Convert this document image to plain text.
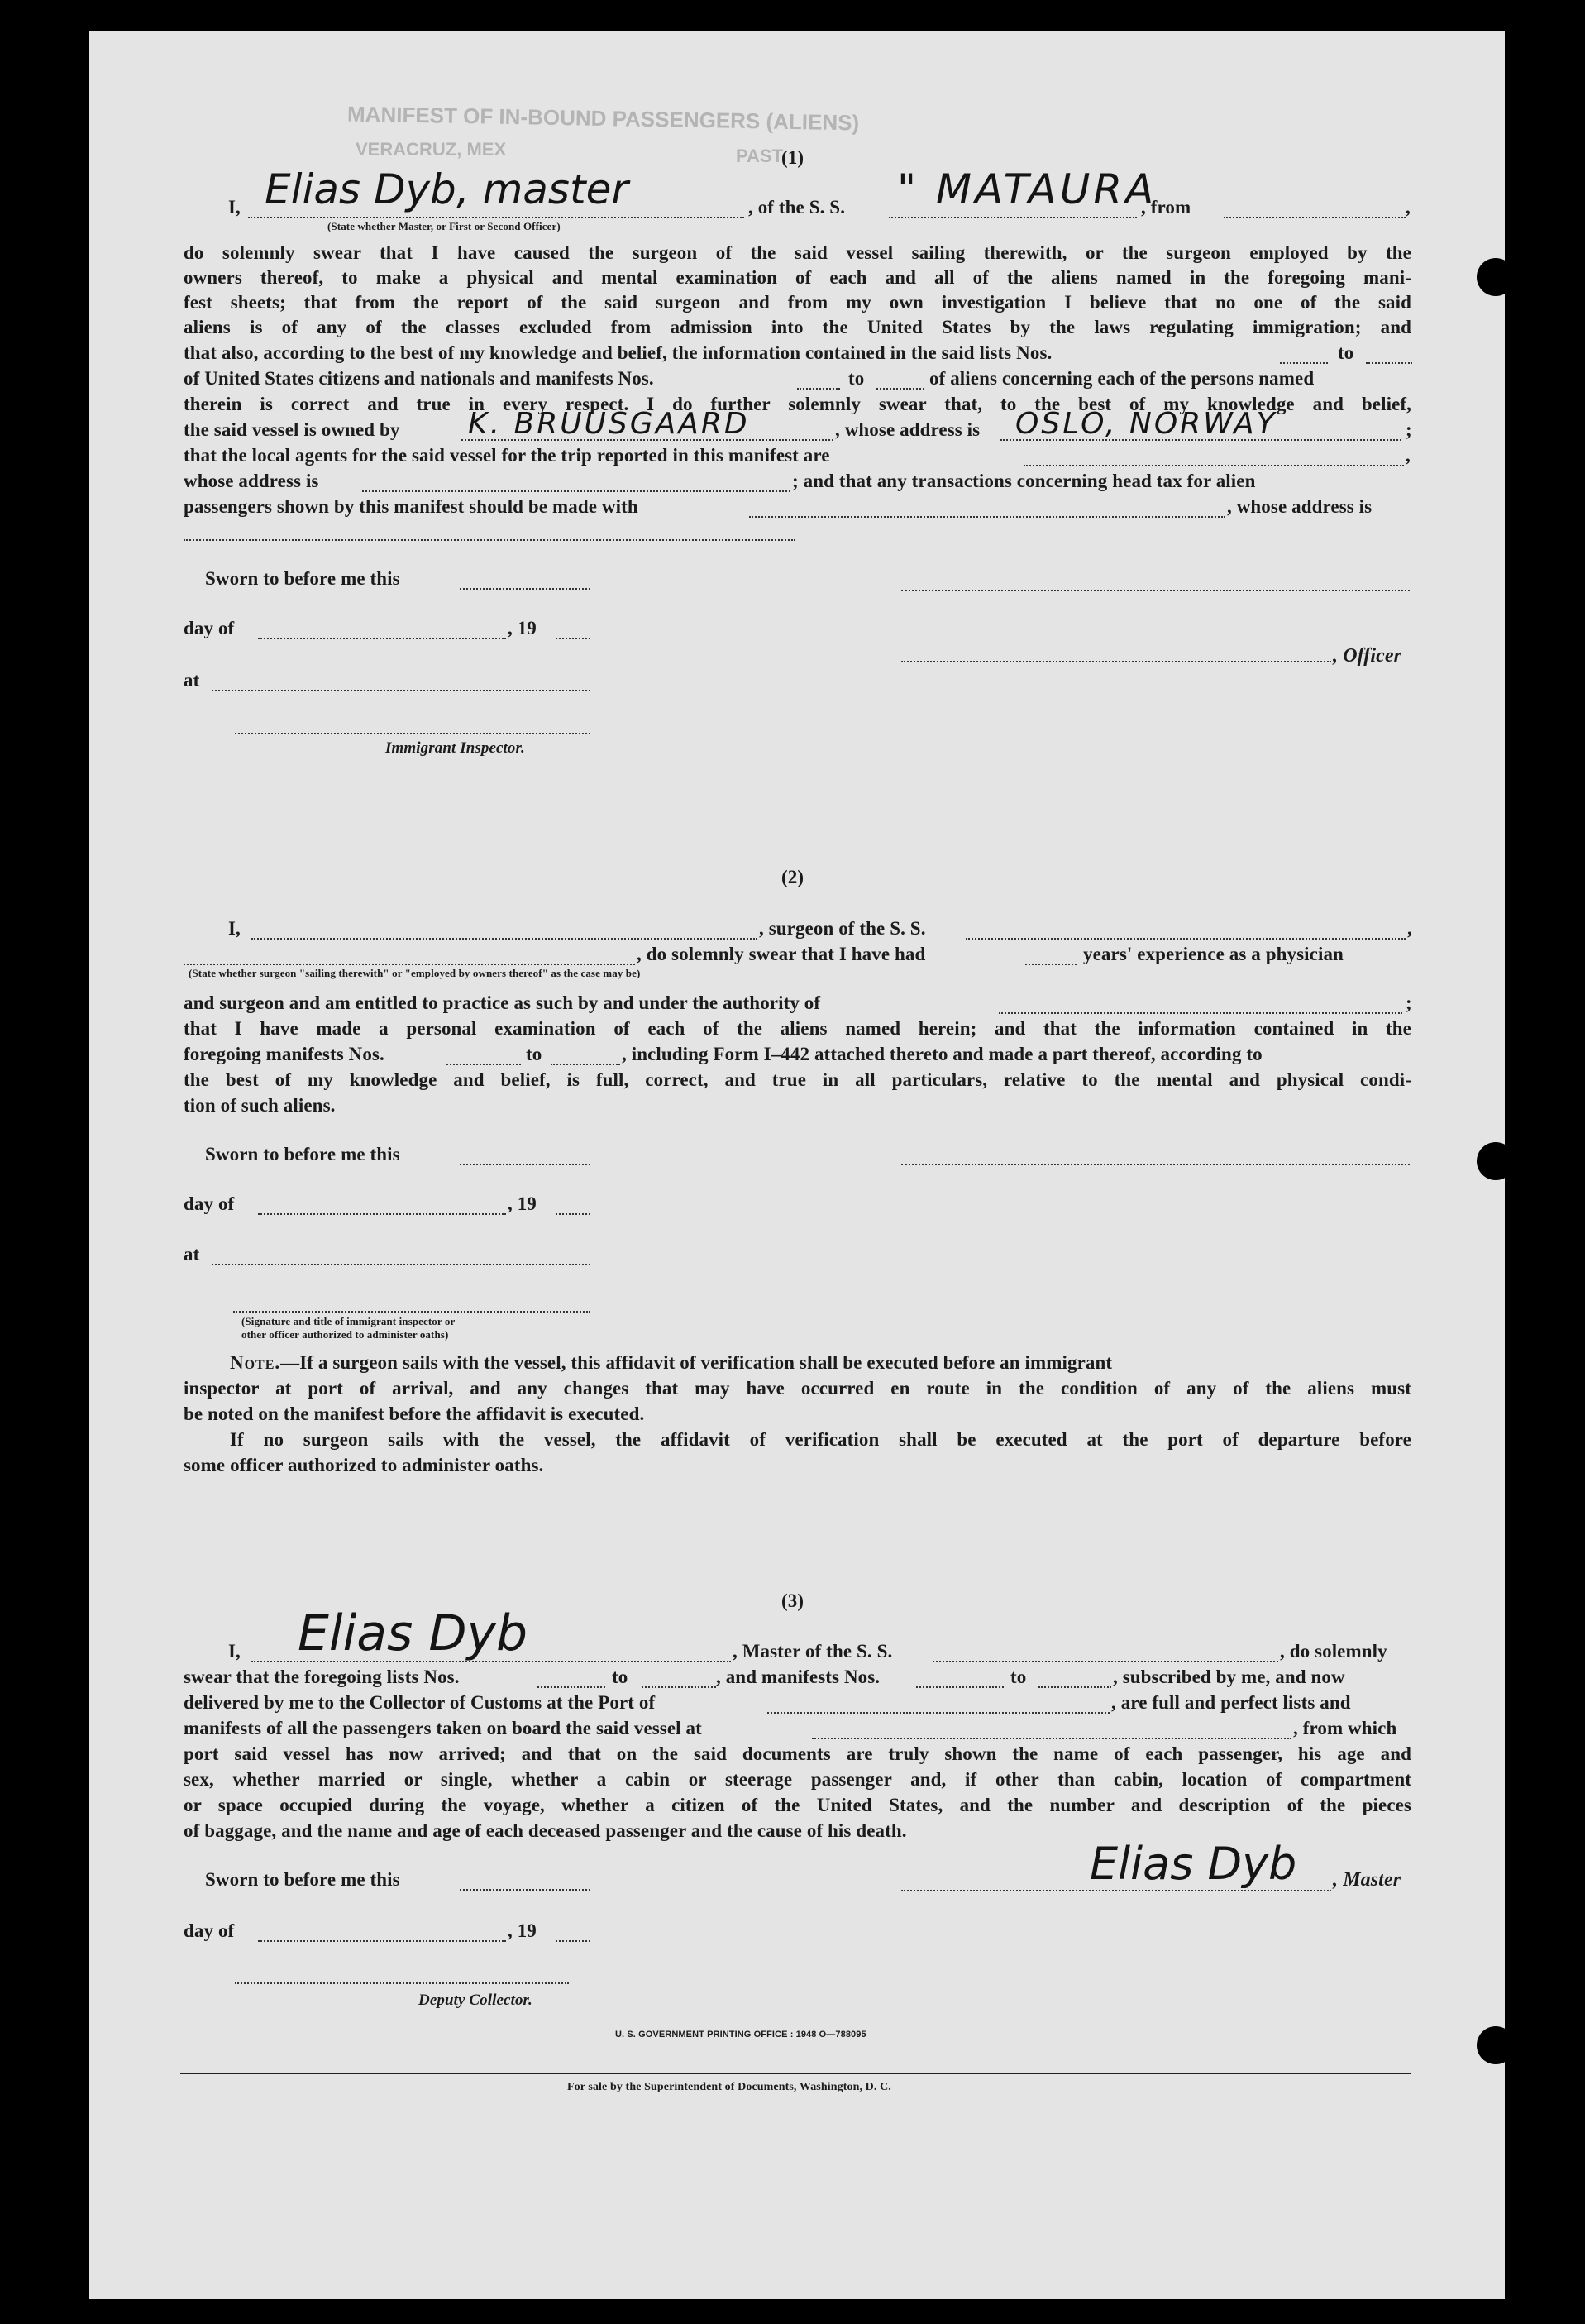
MANIFEST OF IN-BOUND PASSENGERS (ALIENS)
VERACRUZ, MEX	PAST
(1)
I, Elias Dyb, master	, of the S. S. " MATAURA
, from	,
(State whether Master, or First or Second Officer)
do solemnly swear that I have caused the surgeon of the said vessel sailing therewith, or the surgeon employed by the
owners thereof, to make a physical and mental examination of each and all of the aliens named in the foregoing mani-
fest sheets; that from the report of the said surgeon and from my own investigation I believe that no one of the said
aliens is of any of the classes excluded from admission into the United States by the laws regulating immigration; and
that also, according to the best of my knowledge and belief, the information contained in the said lists Nos.	to
of United States citizens and nationals and manifests Nos.	to	of aliens concerning each of the persons named
therein is correct and true in every respect. I do further solemnly swear that, to the best of my knowledge and belief,
the said vessel is owned by K. BRUUSGAARD	, whose address is OSLO, NORWAY	;
that the local agents for the said vessel for the trip reported in this manifest are	,
whose address is	; and that any transactions concerning head tax for alien
passengers shown by this manifest should be made with	, whose address is
Sworn to before me this
day of	, 19
, Officer
at
Immigrant Inspector.
(2)
I,	, surgeon of the S. S.	,
, do solemnly swear that I have had	years' experience as a physician
(State whether surgeon "sailing therewith" or "employed by owners thereof" as the case may be)
and surgeon and am entitled to practice as such by and under the authority of	;
that I have made a personal examination of each of the aliens named herein; and that the information contained in the
foregoing manifests Nos.	to	, including Form I–442 attached thereto and made a part thereof, according to
the best of my knowledge and belief, is full, correct, and true in all particulars, relative to the mental and physical condi-
tion of such aliens.
Sworn to before me this
day of	, 19
at
(Signature and title of immigrant inspector or
other officer authorized to administer oaths)
Note.—If a surgeon sails with the vessel, this affidavit of verification shall be executed before an immigrant
inspector at port of arrival, and any changes that may have occurred en route in the condition of any of the aliens must
be noted on the manifest before the affidavit is executed.
If no surgeon sails with the vessel, the affidavit of verification shall be executed at the port of departure before
some officer authorized to administer oaths.
(3)
I, Elias Dyb	, Master of the S. S.	, do solemnly
swear that the foregoing lists Nos.	to	, and manifests Nos.	to	, subscribed by me, and now
delivered by me to the Collector of Customs at the Port of	, are full and perfect lists and
manifests of all the passengers taken on board the said vessel at	, from which
port said vessel has now arrived; and that on the said documents are truly shown the name of each passenger, his age and
sex, whether married or single, whether a cabin or steerage passenger and, if other than cabin, location of compartment
or space occupied during the voyage, whether a citizen of the United States, and the number and description of the pieces
of baggage, and the name and age of each deceased passenger and the cause of his death.
Sworn to before me this	Elias Dyb , Master
day of	, 19
Deputy Collector.
U. S. GOVERNMENT PRINTING OFFICE : 1948 O—788095
For sale by the Superintendent of Documents, Washington, D. C.
